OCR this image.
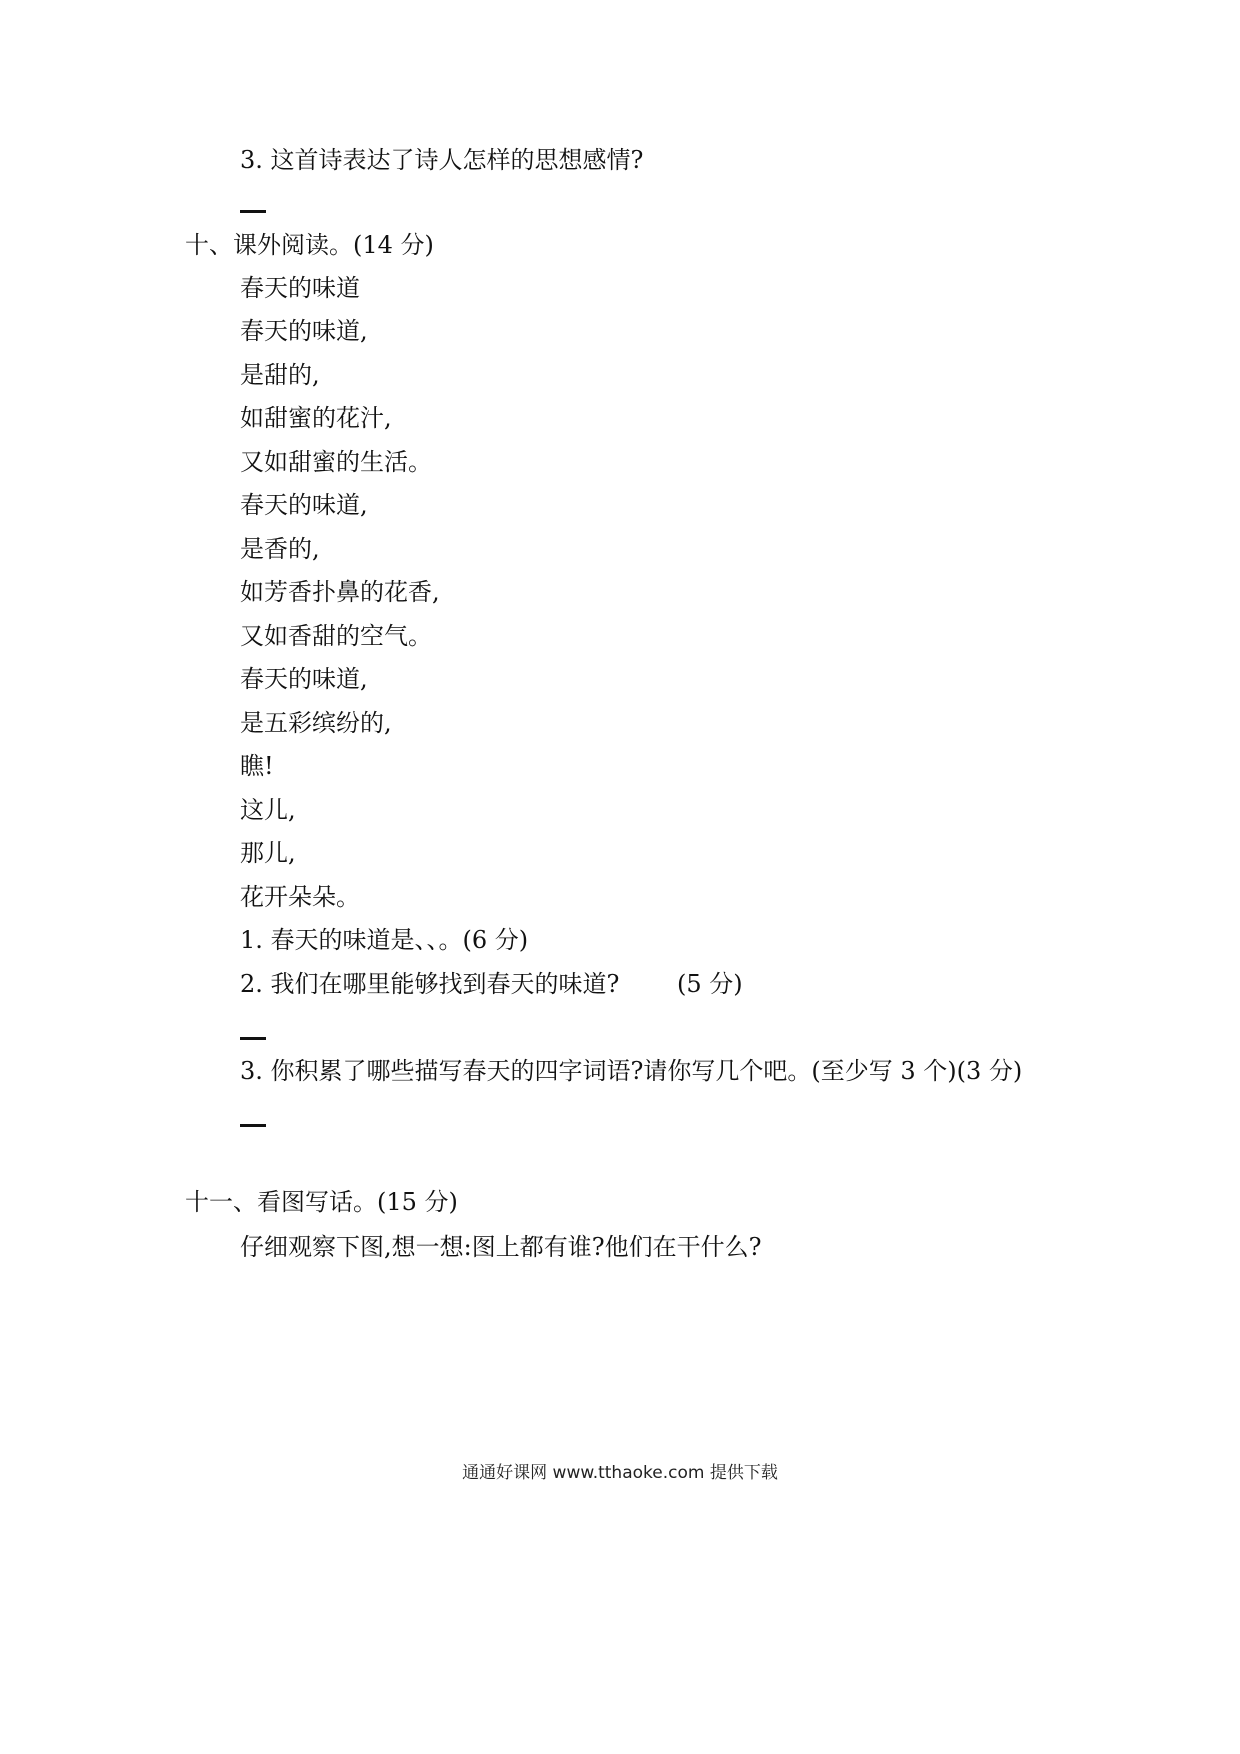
3. 这首诗表达了诗人怎样的思想感情?
十、课外阅读。(14 分)
春天的味道
春天的味道,
是甜的,
如甜蜜的花汁,
又如甜蜜的生活。
春天的味道,
是香的,
如芳香扑鼻的花香,
又如香甜的空气。
春天的味道,
是五彩缤纷的,
瞧!
这儿,
那儿,
花开朵朵。
1. 春天的味道是、、。(6 分)
2. 我们在哪里能够找到春天的味道? (5 分)
3. 你积累了哪些描写春天的四字词语?请你写几个吧。(至少写 3 个)(3 分)
十一、看图写话。(15 分)
仔细观察下图,想一想:图上都有谁?他们在干什么?
通通好课网 www.tthaoke.com 提供下载
